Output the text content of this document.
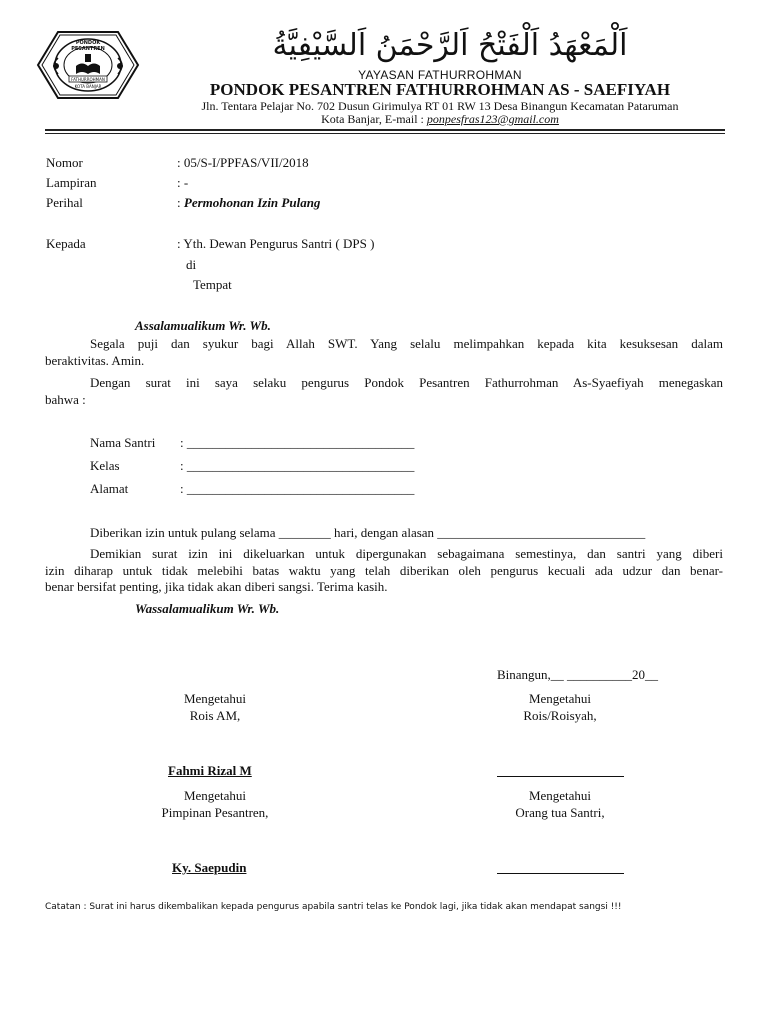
PONDOK PESANTREN
FATHURROHMAN
KOTA BANJAR
اَلْمَعْهَدُ اَلْفَتْحُ اَلرَّحْمَنُ اَلسَّيْفِيَّةُ
YAYASAN FATHURROHMAN
PONDOK PESANTREN FATHURROHMAN AS - SAEFIYAH
Jln. Tentara Pelajar No. 702 Dusun Girimulya RT 01 RW 13 Desa Binangun Kecamatan Pataruman
Kota Banjar, E-mail : ponpesfras123@gmail.com
Nomor	: 05/S-I/PPFAS/VII/2018
Lampiran	: -
Perihal	: Permohonan Izin Pulang
Kepada	: Yth. Dewan Pengurus Santri ( DPS )
di
Tempat
Assalamualikum Wr. Wb.
Segala puji dan syukur bagi Allah SWT. Yang selalu melimpahkan kepada kita kesuksesan dalam
beraktivitas. Amin.
Dengan surat ini saya selaku pengurus Pondok Pesantren Fathurrohman As-Syaefiyah menegaskan
bahwa :
Nama Santri : ___________________________________
Kelas	: ___________________________________
Alamat	: ___________________________________
Diberikan izin untuk pulang selama ________ hari, dengan alasan ________________________________
Demikian surat izin ini dikeluarkan untuk dipergunakan sebagaimana semestinya, dan santri yang diberi
izin diharap untuk tidak melebihi batas waktu yang telah diberikan oleh pengurus kecuali ada udzur dan benar-
benar bersifat penting, jika tidak akan diberi sangsi. Terima kasih.
Wassalamualikum Wr. Wb.
Binangun,__ __________20__
Mengetahui
Rois AM,
Mengetahui
Rois/Roisyah,
Fahmi Rizal M
Mengetahui
Pimpinan Pesantren,
Mengetahui
Orang tua Santri,
Ky. Saepudin
Catatan : Surat ini harus dikembalikan kepada pengurus apabila santri telas ke Pondok lagi, jika tidak akan mendapat sangsi !!!
